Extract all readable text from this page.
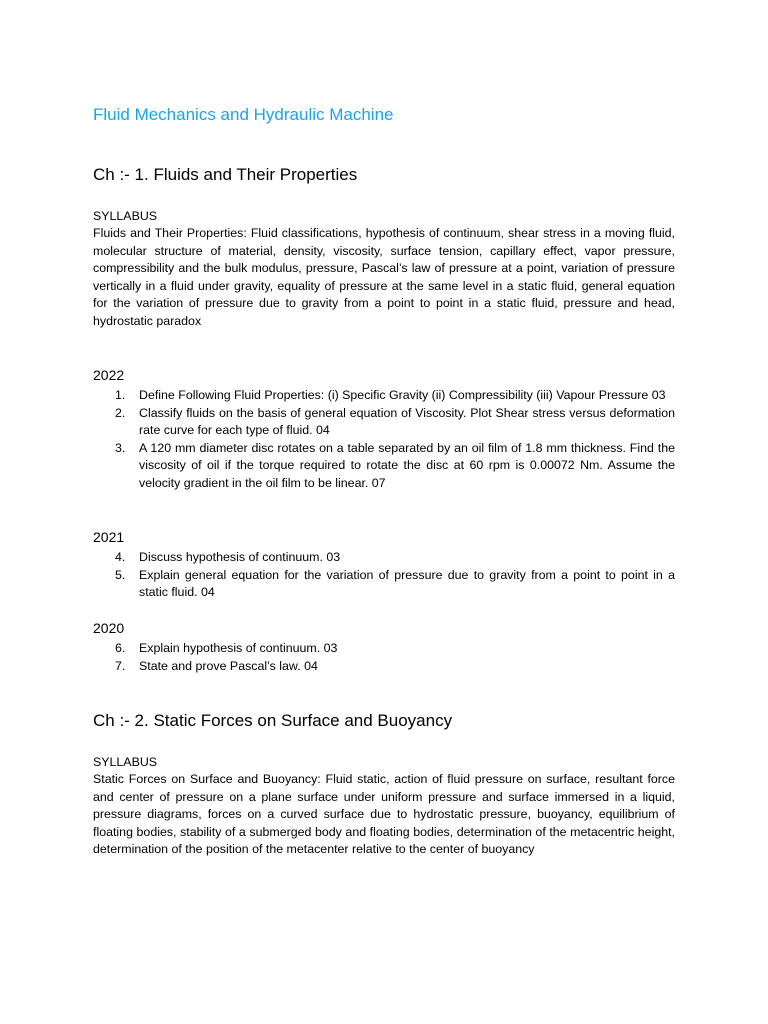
Fluid Mechanics and Hydraulic Machine
Ch :- 1. Fluids and Their Properties
SYLLABUS
Fluids and Their Properties: Fluid classifications, hypothesis of continuum, shear stress in a moving fluid, molecular structure of material, density, viscosity, surface tension, capillary effect, vapor pressure, compressibility and the bulk modulus, pressure, Pascal’s law of pressure at a point, variation of pressure vertically in a fluid under gravity, equality of pressure at the same level in a static fluid, general equation for the variation of pressure due to gravity from a point to point in a static fluid, pressure and head, hydrostatic paradox
2022
1. Define Following Fluid Properties: (i) Specific Gravity (ii) Compressibility (iii) Vapour Pressure 03
2. Classify fluids on the basis of general equation of Viscosity. Plot Shear stress versus deformation rate curve for each type of fluid. 04
3. A 120 mm diameter disc rotates on a table separated by an oil film of 1.8 mm thickness. Find the viscosity of oil if the torque required to rotate the disc at 60 rpm is 0.00072 Nm. Assume the velocity gradient in the oil film to be linear. 07
2021
4. Discuss hypothesis of continuum. 03
5. Explain general equation for the variation of pressure due to gravity from a point to point in a static fluid. 04
2020
6. Explain hypothesis of continuum. 03
7. State and prove Pascal’s law. 04
Ch :- 2. Static Forces on Surface and Buoyancy
SYLLABUS
Static Forces on Surface and Buoyancy: Fluid static, action of fluid pressure on surface, resultant force and center of pressure on a plane surface under uniform pressure and surface immersed in a liquid, pressure diagrams, forces on a curved surface due to hydrostatic pressure, buoyancy, equilibrium of floating bodies, stability of a submerged body and floating bodies, determination of the metacentric height, determination of the position of the metacenter relative to the center of buoyancy
